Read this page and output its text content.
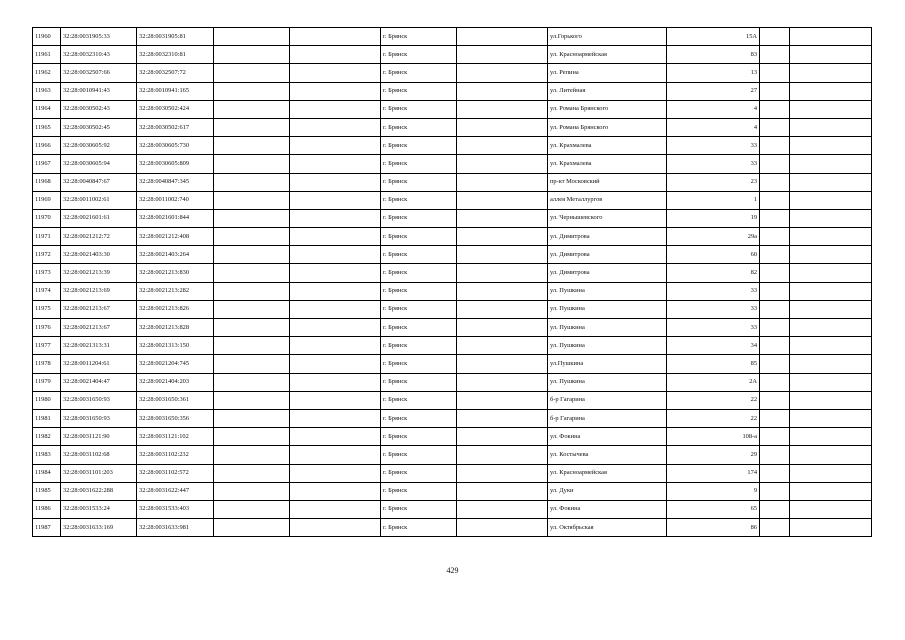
11960	32:28:0031905:33	32:28:0031905:81			г. Брянск		ул.Горького	15А		
11961	32:28:0032310:43	32:28:0032310:81			г. Брянск		ул. Красноармейская	83		
11962	32:28:0032507:66	32:28:0032507:72			г. Брянск		ул. Репина	13		
11963	32:28:0010941:43	32:28:0010941:165			г. Брянск		ул. Литейная	27		
11964	32:28:0030502:43	32:28:0030502:424			г. Брянск		ул. Романа Брянского	4		
11965	32:28:0030502:45	32:28:0030502:617			г. Брянск		ул. Романа Брянского	4		
11966	32:28:0030605:92	32:28:0030605:730			г. Брянск		ул. Крахмалева	33		
11967	32:28:0030605:94	32:28:0030605:809			г. Брянск		ул. Крахмалева	33		
11968	32:28:0040847:67	32:28:0040847:345			г. Брянск		пр-кт Московский	23		
11969	32:28:0011002:61	32:28:0011002:740			г. Брянск		аллея Металлургов	1		
11970	32:28:0021601:61	32:28:0021601:844			г. Брянск		ул. Чернышевского	19		
11971	32:28:0021212:72	32:28:0021212:408			г. Брянск		ул. Димитрова	29а		
11972	32:28:0021403:30	32:28:0021403:264			г. Брянск		ул. Димитрова	60		
11973	32:28:0021213:39	32:28:0021213:830			г. Брянск		ул. Димитрова	82		
11974	32:28:0021213:69	32:28:0021213:282			г. Брянск		ул. Пушкина	33		
11975	32:28:0021213:67	32:28:0021213:826			г. Брянск		ул. Пушкина	33		
11976	32:28:0021213:67	32:28:0021213:828			г. Брянск		ул. Пушкина	33		
11977	32:28:0021313:31	32:28:0021313:150			г. Брянск		ул. Пушкина	34		
11978	32:28:0011204:61	32:28:0021204:745			г. Брянск		ул.Пушкина	85		
11979	32:28:0021404:47	32:28:0021404:203			г. Брянск		ул. Пушкина	2А		
11980	32:28:0031650:93	32:28:0031650:361			г. Брянск		б-р Гагарина	22		
11981	32:28:0031650:93	32:28:0031650:356			г. Брянск		б-р Гагарина	22		
11982	32:28:0031121:90	32:28:0031121:102			г. Брянск		ул. Фокина	108-а		
11983	32:28:0031102:68	32:28:0031102:232			г. Брянск		ул. Костычева	29		
11984	32:28:0031101:203	32:28:0031102:572			г. Брянск		ул. Красноармейская	174		
11985	32:28:0031622:288	32:28:0031622:447			г. Брянск		ул. Дуки	9		
11986	32:28:0031533:24	32:28:0031533:403			г. Брянск		ул. Фокина	65		
11987	32:28:0031633:169	32:28:0031633:981			г. Брянск		ул. Октябрьская	86		
429
